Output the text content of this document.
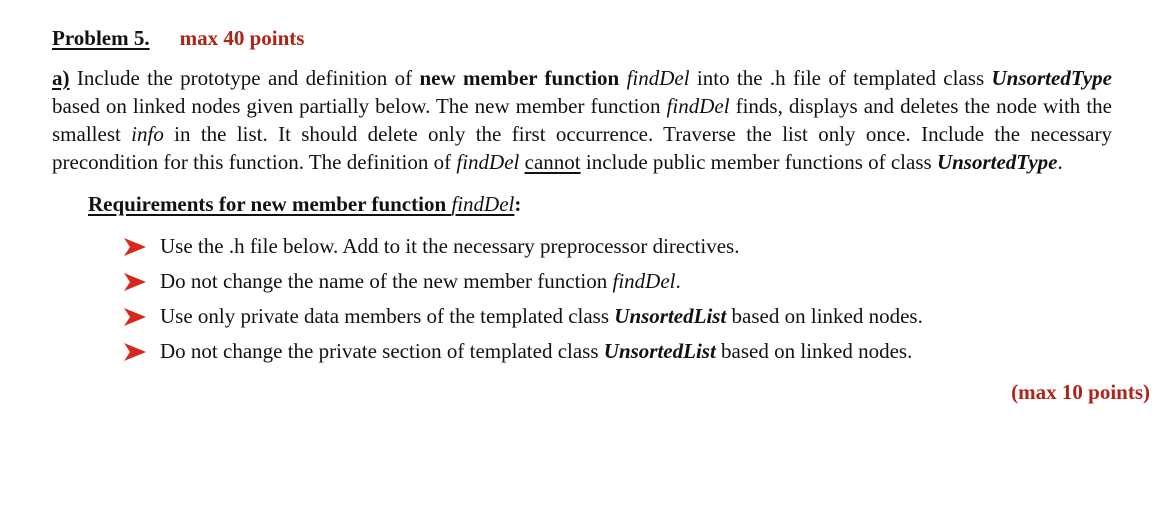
Problem 5. max 40 points
a) Include the prototype and definition of new member function findDel into the .h file of templated class UnsortedType based on linked nodes given partially below. The new member function findDel finds, displays and deletes the node with the smallest info in the list. It should delete only the first occurrence. Traverse the list only once. Include the necessary precondition for this function. The definition of findDel cannot include public member functions of class UnsortedType.
Requirements for new member function findDel:
Use the .h file below. Add to it the necessary preprocessor directives.
Do not change the name of the new member function findDel.
Use only private data members of the templated class UnsortedList based on linked nodes.
Do not change the private section of templated class UnsortedList based on linked nodes.
(max 10 points)
